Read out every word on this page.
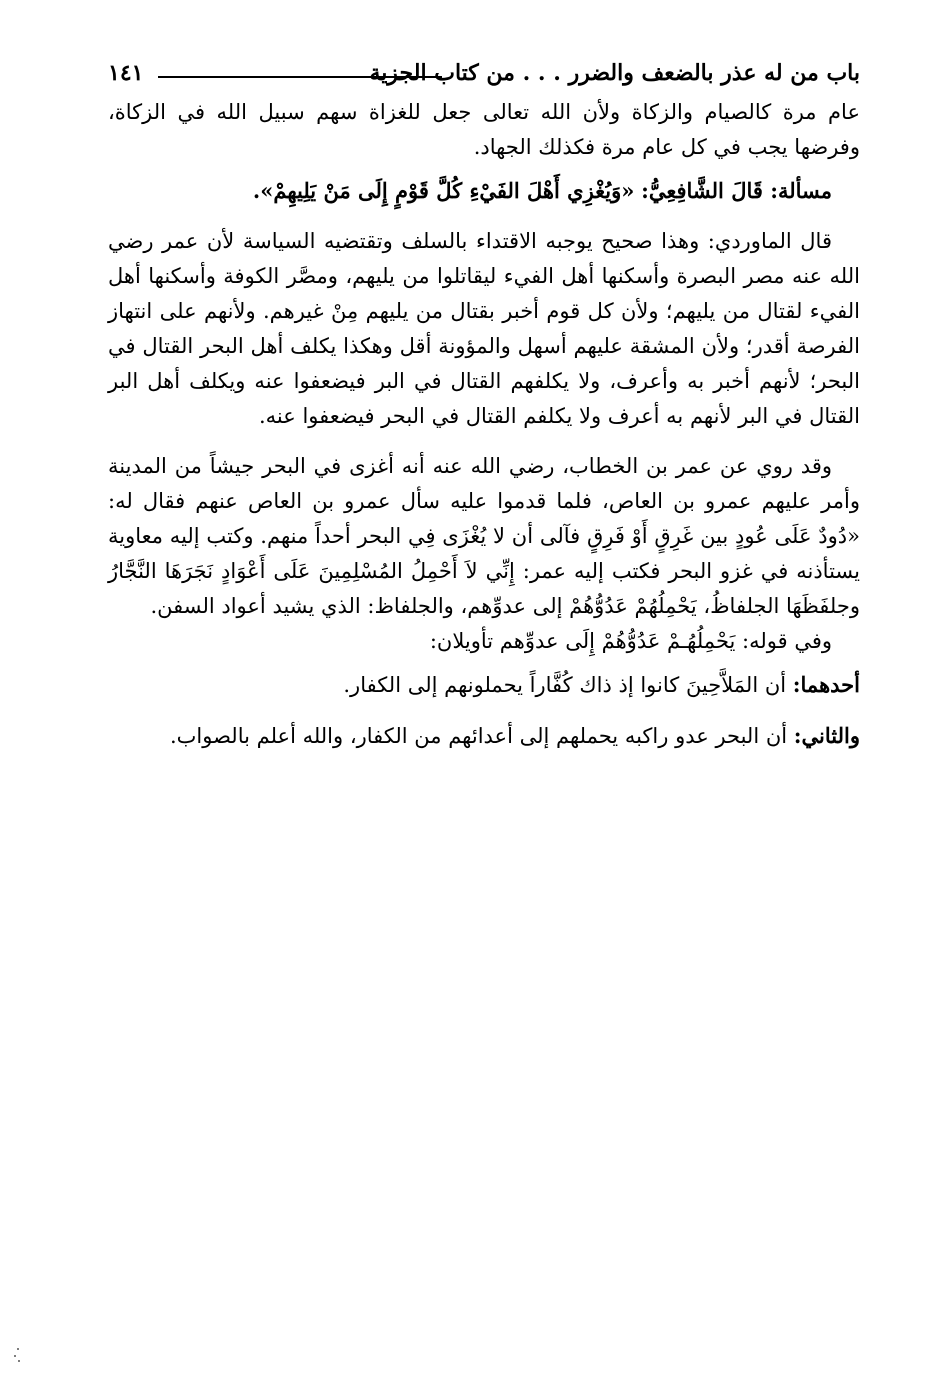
باب من له عذر بالضعف والضرر . . . من كتاب الجزية
١٤١

عام مرة كالصيام والزكاة ولأن الله تعالى جعل للغزاة سهم سبيل الله في الزكاة، وفرضها يجب في كل عام مرة فكذلك الجهاد.

مسألة: قَالَ الشَّافِعِيُّ: «وَيُغْزِي أَهْلَ الفَيْءِ كُلَّ قَوْمٍ إِلَى مَنْ يَلِيهِمْ».

قال الماوردي: وهذا صحيح يوجبه الاقتداء بالسلف وتقتضيه السياسة لأن عمر رضي الله عنه مصر البصرة وأسكنها أهل الفيء ليقاتلوا من يليهم، ومصَّر الكوفة وأسكنها أهل الفيء لقتال من يليهم؛ ولأن كل قوم أخبر بقتال من يليهم مِنْ غيرهم. ولأنهم على انتهاز الفرصة أقدر؛ ولأن المشقة عليهم أسهل والمؤونة أقل وهكذا يكلف أهل البحر القتال في البحر؛ لأنهم أخبر به وأعرف، ولا يكلفهم القتال في البر فيضعفوا عنه ويكلف أهل البر القتال في البر لأنهم به أعرف ولا يكلفم القتال في البحر فيضعفوا عنه.

وقد روي عن عمر بن الخطاب، رضي الله عنه أنه أغزى في البحر جيشاً من المدينة وأمر عليهم عمرو بن العاص، فلما قدموا عليه سأل عمرو بن العاص عنهم فقال له: «دُودٌ عَلَى عُودٍ بين غَرِقٍ أَوْ فَرِقٍ فآلى أن لا يُغْزَى فِي البحر أحداً منهم. وكتب إليه معاوية يستأذنه في غزو البحر فكتب إليه عمر: إِنِّي لاَ أَحْمِلُ المُسْلِمِينَ عَلَى أَعْوَادٍ نَجَرَهَا النَّجَّارُ وجلفَظَهَا الجلفاظُ، يَحْمِلُهُمْ عَدُوُّهُمْ إلى عدوِّهم، والجلفاظ: الذي يشيد أعواد السفن.

وفي قوله: يَحْمِلُهُـمْ عَدُوُّهُمْ إِلَى عدوِّهم تأويلان:

أحدهما: أن المَلاَّحِينَ كانوا إذ ذاك كُفَّاراً يحملونهم إلى الكفار.

والثاني: أن البحر عدو راكبه يحملهم إلى أعدائهم من الكفار، والله أعلم بالصواب.
